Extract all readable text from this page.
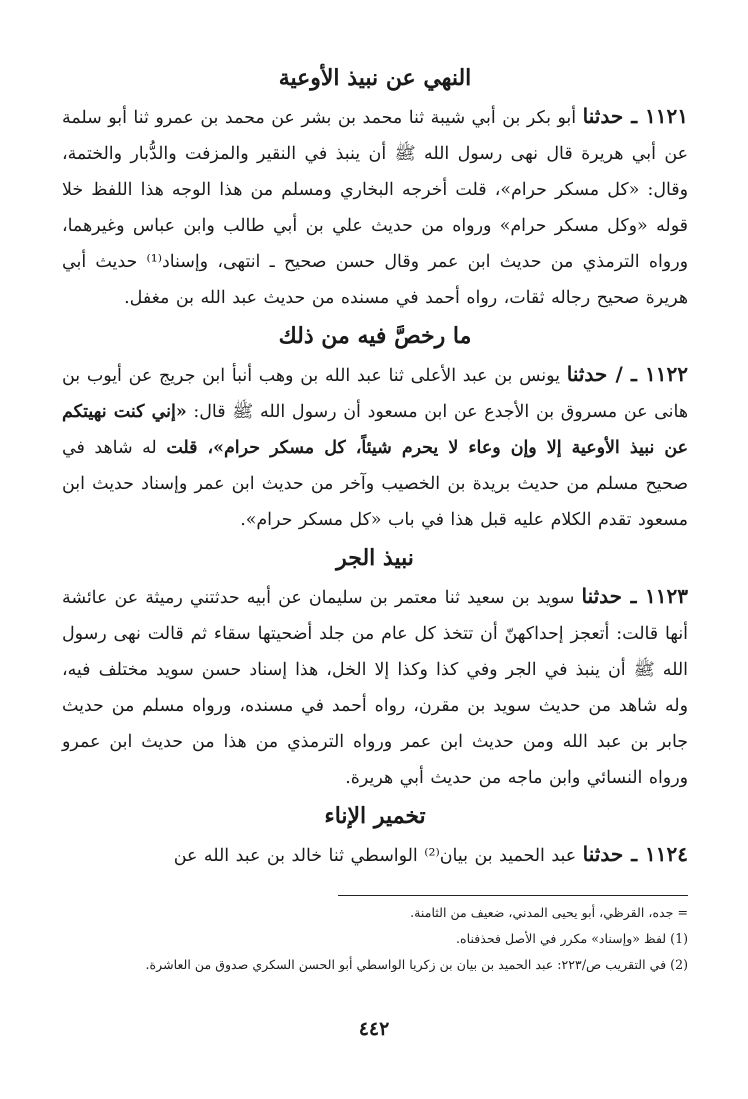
النهي عن نبيذ الأوعية

١١٢١ ـ حدثنا أبو بكر بن أبي شيبة ثنا محمد بن بشر عن محمد بن عمرو ثنا أبو سلمة عن أبي هريرة قال نهى رسول الله ﷺ أن ينبذ في النقير والمزفت والدُّبار والختمة، وقال: «كل مسكر حرام»، قلت أخرجه البخاري ومسلم من هذا الوجه هذا اللفظ خلا قوله «وكل مسكر حرام» ورواه من حديث علي بن أبي طالب وابن عباس وغيرهما، ورواه الترمذي من حديث ابن عمر وقال حسن صحيح ـ انتهى، وإسناد⁽¹⁾ حديث أبي هريرة صحيح رجاله ثقات، رواه أحمد في مسنده من حديث عبد الله بن مغفل.

ما رخصَّ فيه من ذلك

١١٢٢ ـ / حدثنا يونس بن عبد الأعلى ثنا عبد الله بن وهب أنبأ ابن جريج عن أيوب بن هانى عن مسروق بن الأجدع عن ابن مسعود أن رسول الله ﷺ قال: «إني كنت نهيتكم عن نبيذ الأوعية إلا وإن وعاء لا يحرم شيئاً، كل مسكر حرام»، قلت له شاهد في صحيح مسلم من حديث بريدة بن الخصيب وآخر من حديث ابن عمر وإسناد حديث ابن مسعود تقدم الكلام عليه قبل هذا في باب «كل مسكر حرام».

نبيذ الجر

١١٢٣ ـ حدثنا سويد بن سعيد ثنا معتمر بن سليمان عن أبيه حدثتني رميثة عن عائشة أنها قالت: أتعجز إحداكهنّ أن تتخذ كل عام من جلد أضحيتها سقاء ثم قالت نهى رسول الله ﷺ أن ينبذ في الجر وفي كذا وكذا إلا الخل، هذا إسناد حسن سويد مختلف فيه، وله شاهد من حديث سويد بن مقرن، رواه أحمد في مسنده، ورواه مسلم من حديث جابر بن عبد الله ومن حديث ابن عمر ورواه الترمذي من هذا من حديث ابن عمرو ورواه النسائي وابن ماجه من حديث أبي هريرة.

تخمير الإناء

١١٢٤ ـ حدثنا عبد الحميد بن بيان⁽²⁾ الواسطي ثنا خالد بن عبد الله عن

= جده، القرظي، أبو يحيى المدني، ضعيف من الثامنة.

(1) لفظ «وإسناد» مكرر في الأصل فحذفناه.

(2) في التقريب ص/٢٢٣: عبد الحميد بن بيان بن زكريا الواسطي أبو الحسن السكري صدوق من العاشرة.

٤٤٢
